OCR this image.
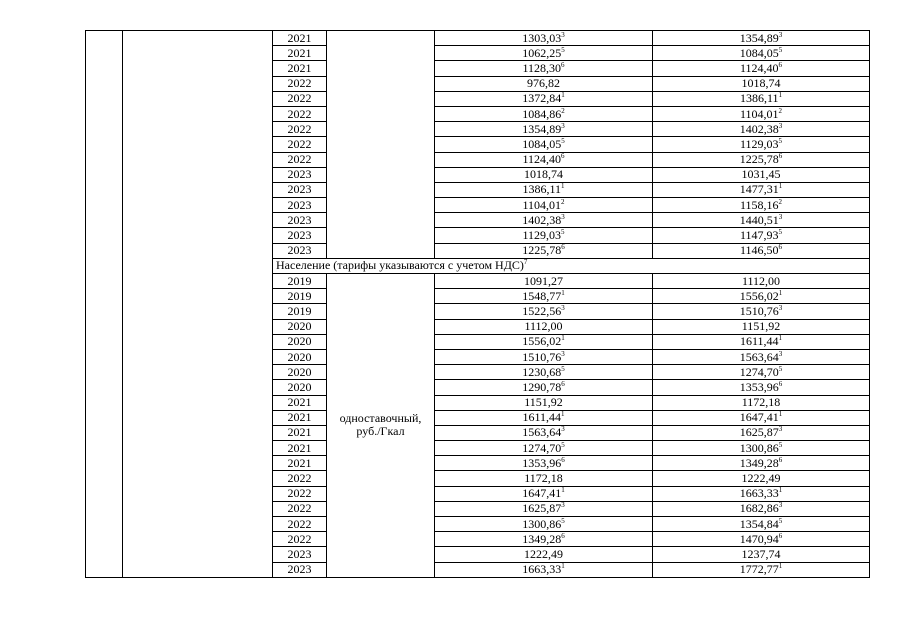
		2021		1303,03$^3$	1354,89$^3$
		2021		1062,25$^5$	1084,05$^5$
		2021		1128,30$^6$	1124,40$^6$
		2022		976,82	1018,74
		2022		1372,84$^1$	1386,11$^1$
		2022		1084,86$^2$	1104,01$^2$
		2022		1354,89$^3$	1402,38$^3$
		2022		1084,05$^5$	1129,03$^5$
		2022		1124,40$^6$	1225,78$^6$
		2023		1018,74	1031,45
		2023		1386,11$^1$	1477,31$^1$
		2023		1104,01$^2$	1158,16$^2$
		2023		1402,38$^3$	1440,51$^3$
		2023		1129,03$^5$	1147,93$^5$
		2023		1225,78$^6$	1146,50$^6$
		Население (тарифы указываются с учетом НДС)$^7$
		2019	одноставочный, руб./Гкал	1091,27	1112,00
		2019		1548,77$^1$	1556,02$^1$
		2019		1522,56$^3$	1510,76$^3$
		2020		1112,00	1151,92
		2020		1556,02$^1$	1611,44$^1$
		2020		1510,76$^3$	1563,64$^3$
		2020		1230,68$^5$	1274,70$^5$
		2020		1290,78$^6$	1353,96$^6$
		2021		1151,92	1172,18
		2021		1611,44$^1$	1647,41$^1$
		2021		1563,64$^3$	1625,87$^3$
		2021		1274,70$^5$	1300,86$^5$
		2021		1353,96$^6$	1349,28$^6$
		2022		1172,18	1222,49
		2022		1647,41$^1$	1663,33$^1$
		2022		1625,87$^3$	1682,86$^3$
		2022		1300,86$^5$	1354,84$^5$
		2022		1349,28$^6$	1470,94$^6$
		2023		1222,49	1237,74
		2023		1663,33$^1$	1772,77$^1$
